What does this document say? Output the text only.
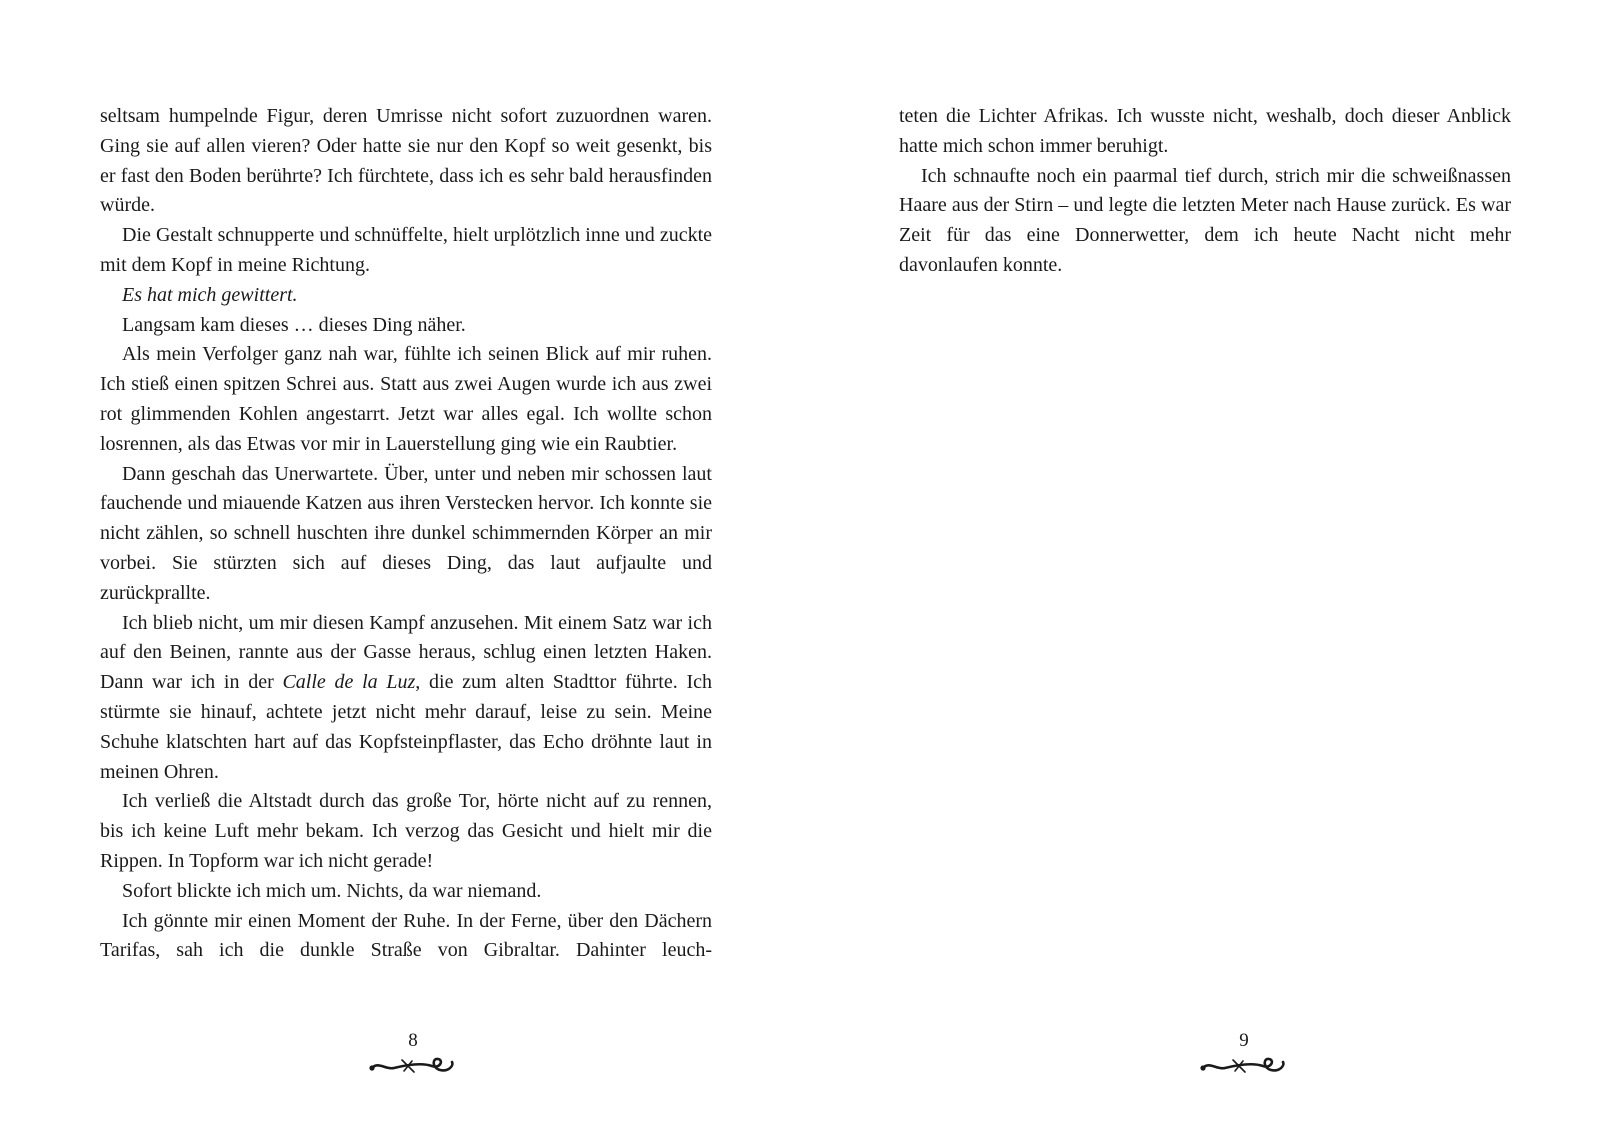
seltsam humpelnde Figur, deren Umrisse nicht sofort zuzuordnen waren. Ging sie auf allen vieren? Oder hatte sie nur den Kopf so weit gesenkt, bis er fast den Boden berührte? Ich fürchtete, dass ich es sehr bald herausfinden würde.

Die Gestalt schnupperte und schnüffelte, hielt urplötzlich inne und zuckte mit dem Kopf in meine Richtung.

Es hat mich gewittert.

Langsam kam dieses … dieses Ding näher.

Als mein Verfolger ganz nah war, fühlte ich seinen Blick auf mir ruhen. Ich stieß einen spitzen Schrei aus. Statt aus zwei Augen wurde ich aus zwei rot glimmenden Kohlen angestarrt. Jetzt war alles egal. Ich wollte schon losrennen, als das Etwas vor mir in Lauerstellung ging wie ein Raubtier.

Dann geschah das Unerwartete. Über, unter und neben mir schossen laut fauchende und miauende Katzen aus ihren Verstecken hervor. Ich konnte sie nicht zählen, so schnell huschten ihre dunkel schimmernden Körper an mir vorbei. Sie stürzten sich auf dieses Ding, das laut aufjaulte und zurückprallte.

Ich blieb nicht, um mir diesen Kampf anzusehen. Mit einem Satz war ich auf den Beinen, rannte aus der Gasse heraus, schlug einen letzten Haken. Dann war ich in der Calle de la Luz, die zum alten Stadttor führte. Ich stürmte sie hinauf, achtete jetzt nicht mehr darauf, leise zu sein. Meine Schuhe klatschten hart auf das Kopfsteinpflaster, das Echo dröhnte laut in meinen Ohren.

Ich verließ die Altstadt durch das große Tor, hörte nicht auf zu rennen, bis ich keine Luft mehr bekam. Ich verzog das Gesicht und hielt mir die Rippen. In Topform war ich nicht gerade!

Sofort blickte ich mich um. Nichts, da war niemand.

Ich gönnte mir einen Moment der Ruhe. In der Ferne, über den Dächern Tarifas, sah ich die dunkle Straße von Gibraltar. Dahinter leuch-

8

teten die Lichter Afrikas. Ich wusste nicht, weshalb, doch dieser Anblick hatte mich schon immer beruhigt.

Ich schnaufte noch ein paarmal tief durch, strich mir die schweißnassen Haare aus der Stirn – und legte die letzten Meter nach Hause zurück. Es war Zeit für das eine Donnerwetter, dem ich heute Nacht nicht mehr davonlaufen konnte.

9
